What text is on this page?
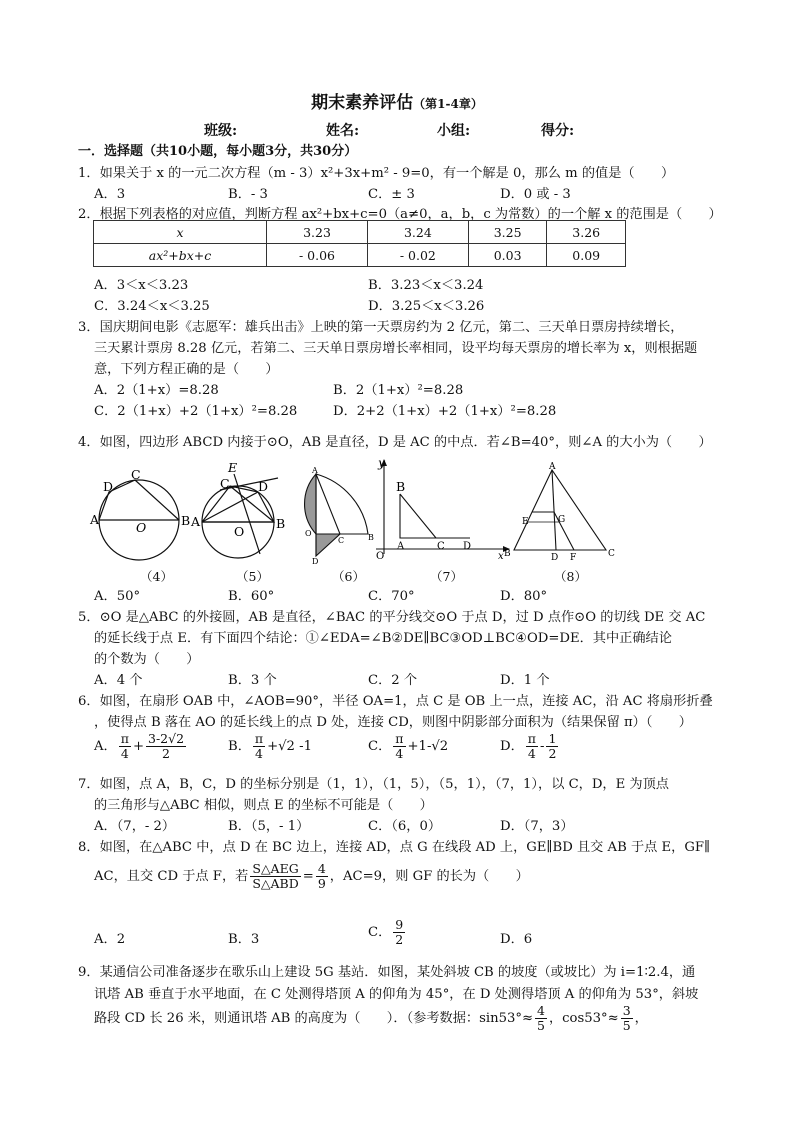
期末素养评估（第1-4章）
班级:	姓名:	小组:	得分:
一．选择题（共10小题，每小题3分，共30分）
1．如果关于 x 的一元二次方程（m - 3）x²+3x+m² - 9=0，有一个解是 0，那么 m 的值是（　　）
A．3	B．- 3	C．± 3	D．0 或 - 3
2．根据下列表格的对应值，判断方程 ax²+bx+c=0（a≠0，a，b，c 为常数）的一个解 x 的范围是（　　）
x	3.23	3.24	3.25	3.26
ax²+bx+c	- 0.06	- 0.02	0.03	0.09
A．3＜x＜3.23	B．3.23＜x＜3.24
C．3.24＜x＜3.25	D．3.25＜x＜3.26
3．国庆期间电影《志愿军：雄兵出击》上映的第一天票房约为 2 亿元，第二、三天单日票房持续增长，
三天累计票房 8.28 亿元，若第二、三天单日票房增长率相同，设平均每天票房的增长率为 x，则根据题
意，下列方程正确的是（　　）
A．2（1+x）=8.28	B．2（1+x）²=8.28
C．2（1+x）+2（1+x）²=8.28	D．2+2（1+x）+2（1+x）²=8.28
4．如图，四边形 ABCD 内接于⊙O，AB 是直径，D 是 AC 的中点．若∠B=40°，则∠A 的大小为（　　）
C
D
A
O	B
（4）
E
C D
A
O
B
（5）
A
O
C	B
D
（6）
y
B
A	C D
O	x
（7）
A
E	G
B	D F	C
（8）
A．50°	B．60°	C．70°	D．80°
5．⊙O 是△ABC 的外接圆，AB 是直径，∠BAC 的平分线交⊙O 于点 D，过 D 点作⊙O 的切线 DE 交 AC
的延长线于点 E．有下面四个结论：①∠EDA=∠B②DE∥BC③OD⊥BC④OD=DE．其中正确结论
的个数为（　　）
A．4 个	B．3 个	C．2 个	D．1 个
6．如图，在扇形 OAB 中，∠AOB=90°，半径 OA=1，点 C 是 OB 上一点，连接 AC，沿 AC 将扇形折叠
，使得点 B 落在 AO 的延长线上的点 D 处，连接 CD，则图中阴影部分面积为（结果保留 π）（　　）
A． $\frac{\pi}{4} + \frac{3-2√2}{2}$	B． $\frac{\pi}{4} +√2$ -1	C． $\frac{\pi}{4} +1-√2$	D． $\frac{\pi}{4} - \frac{1}{2}$
7．如图，点 A，B，C，D 的坐标分别是（1，1），（1，5），（5，1），（7，1），以 C，D，E 为顶点
的三角形与△ABC 相似，则点 E 的坐标不可能是（　　）
A．（7，- 2）	B．（5，- 1）	C．（6，0）	D．（7，3）
8．如图，在△ABC 中，点 D 在 BC 边上，连接 AD，点 G 在线段 AD 上，GE∥BD 且交 AB 于点 E，GF∥
AC，且交 CD 于点 F，若 $\frac{\text{S△AEG}}{\text{S△ABD}} = \frac{4}{9}$ ，AC=9，则 GF 的长为（　　）
A．2	B．3	C． $\frac{9}{2}$	D．6
9．某通信公司准备逐步在歌乐山上建设 5G 基站．如图，某处斜坡 CB 的坡度（或坡比）为 i=1∶2.4，通
讯塔 AB 垂直于水平地面，在 C 处测得塔顶 A 的仰角为 45°，在 D 处测得塔顶 A 的仰角为 53°，斜坡
路段 CD 长 26 米，则通讯塔 AB 的高度为（　　）．（参考数据：$\sin 53^\circ\approx \frac{4}{5}$ ，$\cos 53^\circ\approx \frac{3}{5}$ ，
